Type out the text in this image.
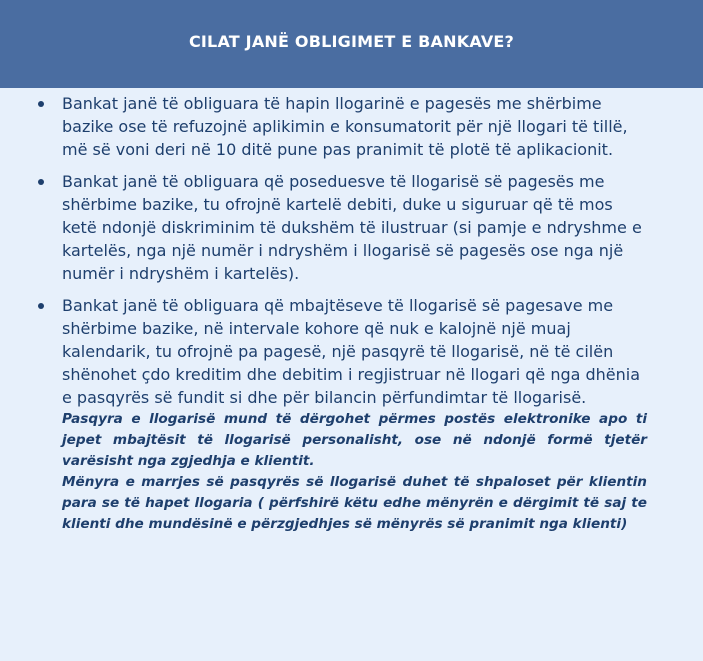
CILAT JANË OBLIGIMET E BANKAVE?
Bankat janë të obliguara të hapin llogarinë e pagesës me shërbime bazike ose të refuzojnë aplikimin e konsumatorit për një llogari të tillë, më së voni deri në 10 ditë pune pas pranimit të plotë të aplikacionit.
Bankat janë të obliguara që poseduesve të llogarisë së pagesës me shërbime bazike, tu ofrojnë kartelë debiti, duke u siguruar që të mos ketë ndonjë diskriminim të dukshëm të ilustruar (si pamje e ndryshme e kartelës, nga një numër i ndryshëm i llogarisë së pagesës ose nga një numër i ndryshëm i kartelës).
Bankat janë të obliguara që mbajtëseve të llogarisë së pagesave me shërbime bazike, në intervale kohore që nuk e kalojnë një muaj kalendarik, tu ofrojnë pa pagesë, një pasqyrë të llogarisë, në të cilën shënohet çdo kreditim dhe debitim i regjistruar në llogari që nga dhënia e pasqyrës së fundit si dhe për bilancin përfundimtar të llogarisë.
Pasqyra e llogarisë mund të dërgohet përmes postës elektronike apo ti jepet mbajtësit të llogarisë personalisht, ose në ndonjë formë tjetër varësisht nga zgjedhja e klientit.
Mënyra e marrjes së pasqyrës së llogarisë duhet të shpaloset për klientin para se të hapet llogaria ( përfshirë këtu edhe mënyrën e dërgimit të saj te klienti dhe mundësinë e përzgjedhjes së mënyrës së pranimit nga klienti)
